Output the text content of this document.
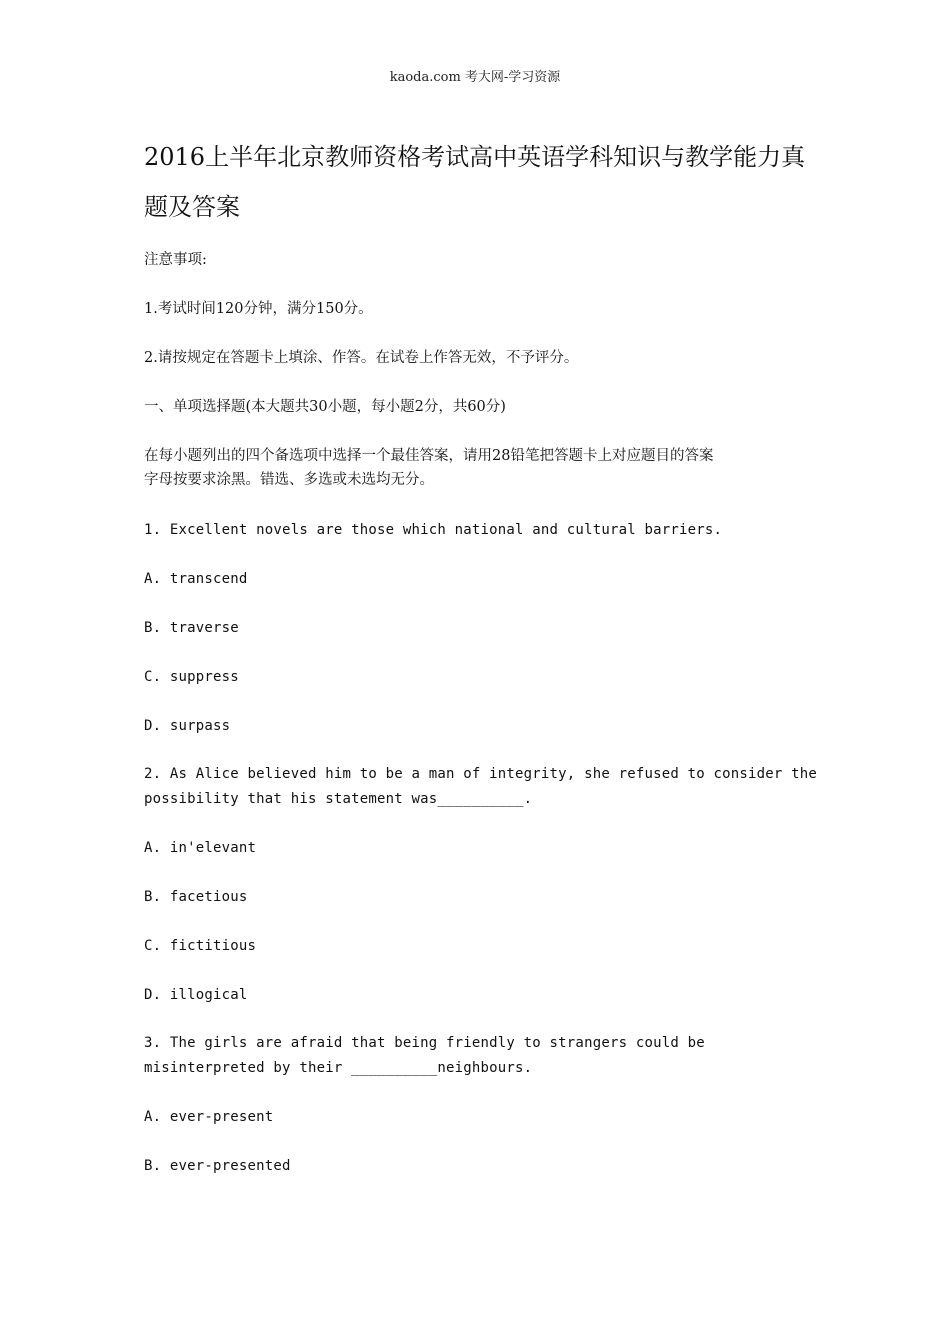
kaoda.com 考大网-学习资源
2016上半年北京教师资格考试高中英语学科知识与教学能力真题及答案

注意事项:

1.考试时间120分钟，满分150分。

2.请按规定在答题卡上填涂、作答。在试卷上作答无效，不予评分。

一、单项选择题(本大题共30小题，每小题2分，共60分)

在每小题列出的四个备选项中选择一个最佳答案，请用28铅笔把答题卡上对应题目的答案

字母按要求涂黑。错选、多选或未选均无分。

1. Excellent novels are those which national and cultural barriers.

A. transcend

B. traverse

C. suppress

D. surpass

2. As Alice believed him to be a man of integrity, she refused to consider the

possibility that his statement was__________.

A. in'elevant

B. facetious

C. fictitious

D. illogical

3. The girls are afraid that being friendly to strangers could be

misinterpreted by their __________neighbours.

A. ever-present

B. ever-presented
